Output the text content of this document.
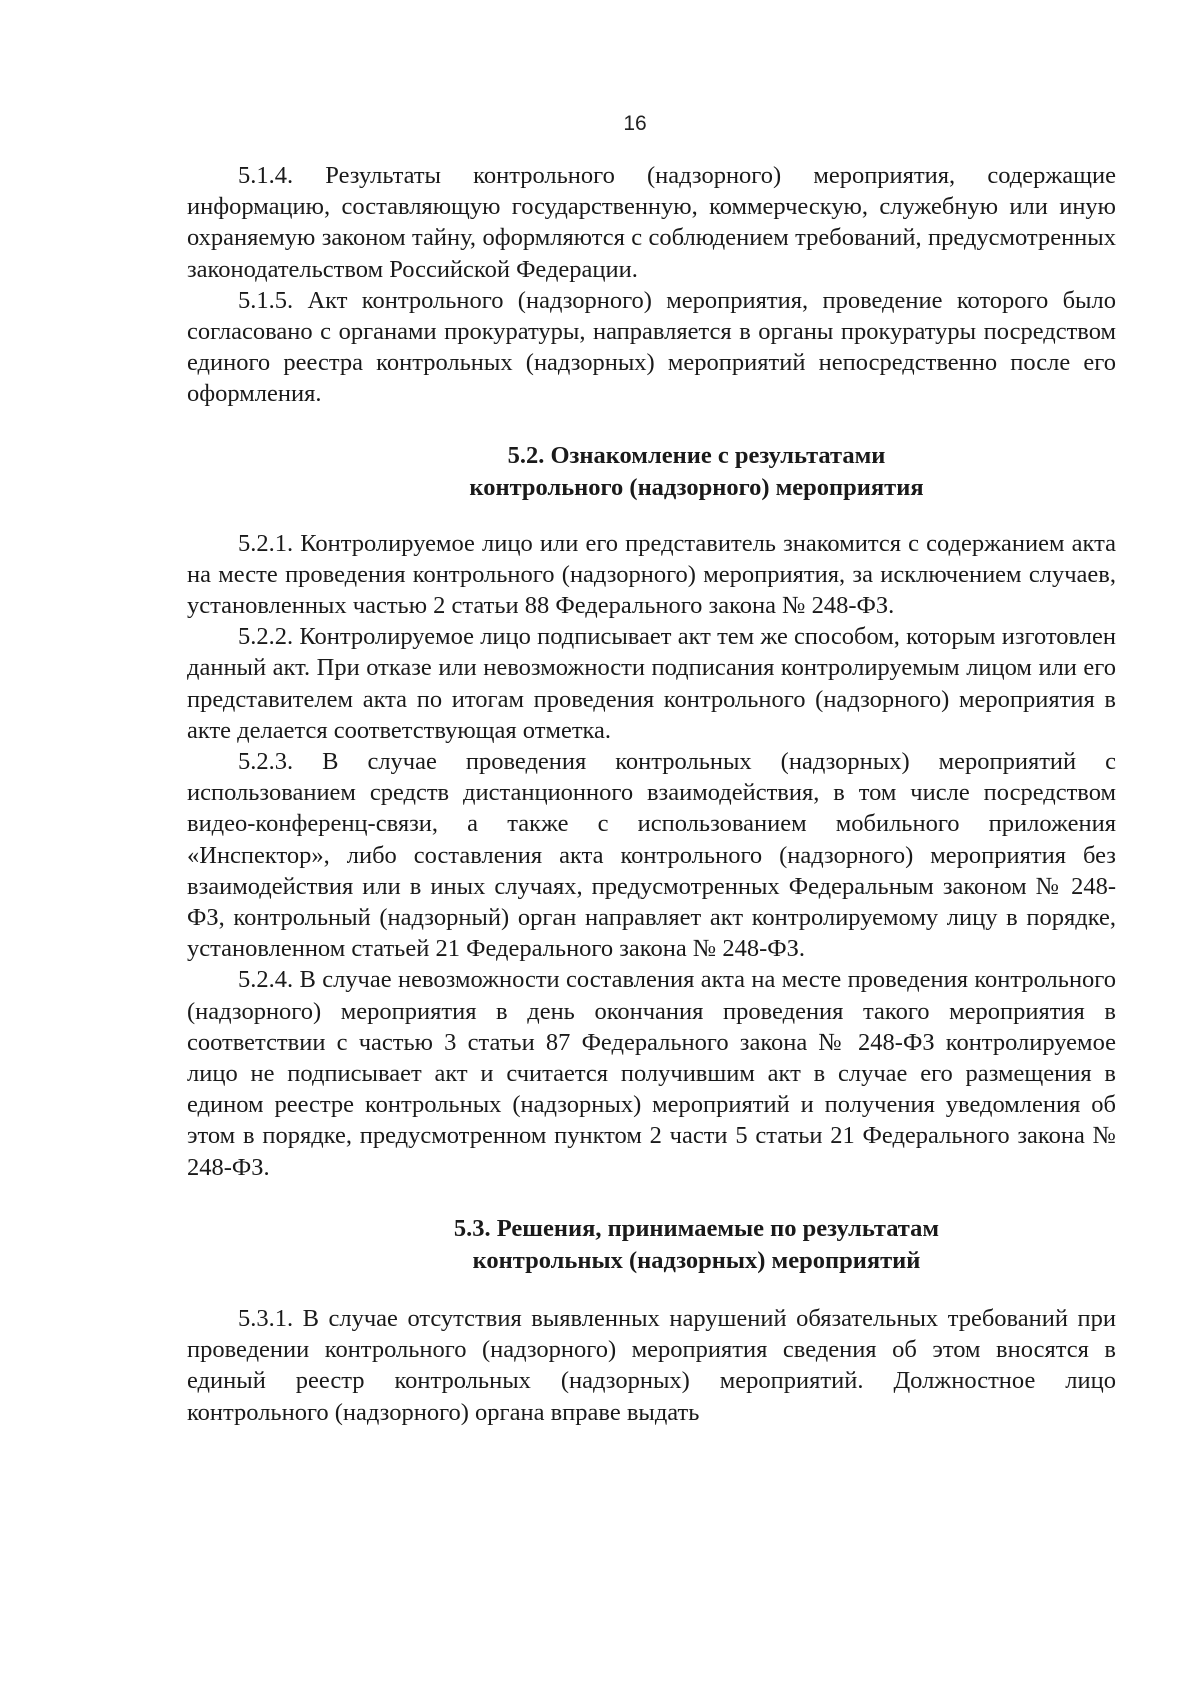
16

5.1.4. Результаты контрольного (надзорного) мероприятия, содержащие информацию, составляющую государственную, коммерческую, служебную или иную охраняемую законом тайну, оформляются с соблюдением требований, предусмотренных законодательством Российской Федерации.

5.1.5. Акт контрольного (надзорного) мероприятия, проведение которого было согласовано с органами прокуратуры, направляется в органы прокуратуры посредством единого реестра контрольных (надзорных) мероприятий непосредственно после его оформления.

5.2. Ознакомление с результатами
контрольного (надзорного) мероприятия

5.2.1. Контролируемое лицо или его представитель знакомится с содержанием акта на месте проведения контрольного (надзорного) мероприятия, за исключением случаев, установленных частью 2 статьи 88 Федерального закона № 248-ФЗ.

5.2.2. Контролируемое лицо подписывает акт тем же способом, которым изготовлен данный акт. При отказе или невозможности подписания контролируемым лицом или его представителем акта по итогам проведения контрольного (надзорного) мероприятия в акте делается соответствующая отметка.

5.2.3. В случае проведения контрольных (надзорных) мероприятий с использованием средств дистанционного взаимодействия, в том числе посредством видео-конференц-связи, а также с использованием мобильного приложения «Инспектор», либо составления акта контрольного (надзорного) мероприятия без взаимодействия или в иных случаях, предусмотренных Федеральным законом № 248-ФЗ, контрольный (надзорный) орган направляет акт контролируемому лицу в порядке, установленном статьей 21 Федерального закона № 248-ФЗ.

5.2.4. В случае невозможности составления акта на месте проведения контрольного (надзорного) мероприятия в день окончания проведения такого мероприятия в соответствии с частью 3 статьи 87 Федерального закона № 248-ФЗ контролируемое лицо не подписывает акт и считается получившим акт в случае его размещения в едином реестре контрольных (надзорных) мероприятий и получения уведомления об этом в порядке, предусмотренном пунктом 2 части 5 статьи 21 Федерального закона № 248-ФЗ.

5.3. Решения, принимаемые по результатам
контрольных (надзорных) мероприятий

5.3.1. В случае отсутствия выявленных нарушений обязательных требований при проведении контрольного (надзорного) мероприятия сведения об этом вносятся в единый реестр контрольных (надзорных) мероприятий. Должностное лицо контрольного (надзорного) органа вправе выдать
